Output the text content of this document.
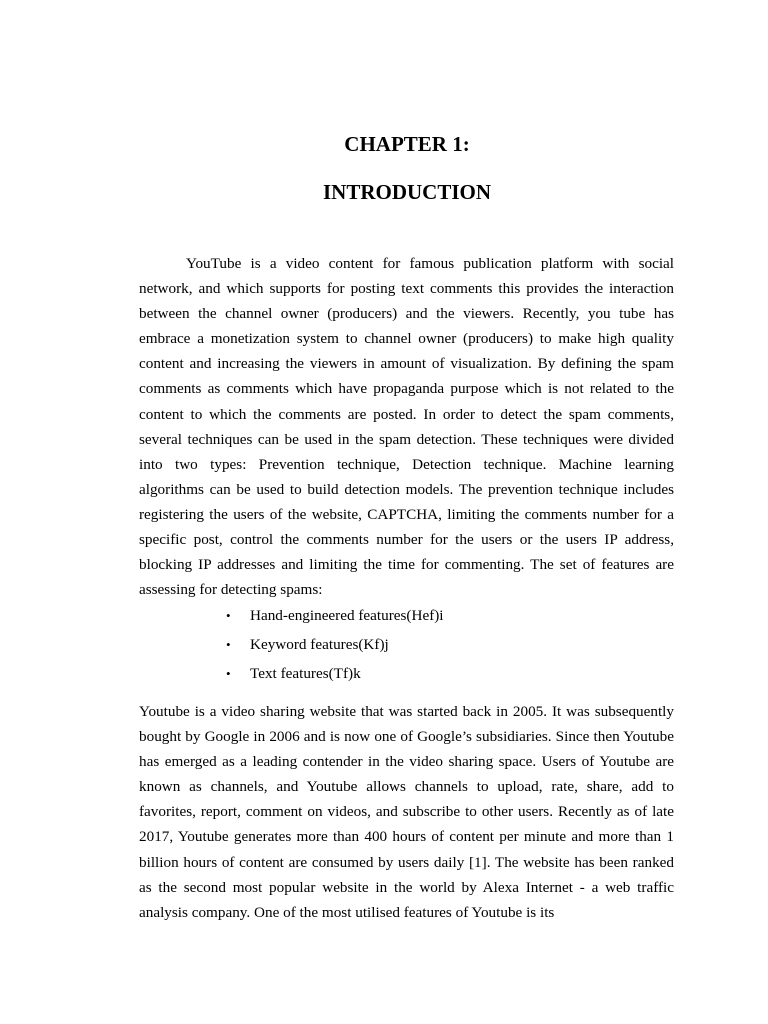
CHAPTER 1:
INTRODUCTION

YouTube is a video content for famous publication platform with social network, and which supports for posting text comments this provides the interaction between the channel owner (producers) and the viewers. Recently, you tube has embrace a monetization system to channel owner (producers) to make high quality content and increasing the viewers in amount of visualization. By defining the spam comments as comments which have propaganda purpose which is not related to the content to which the comments are posted. In order to detect the spam comments, several techniques can be used in the spam detection. These techniques were divided into two types: Prevention technique, Detection technique. Machine learning algorithms can be used to build detection models. The prevention technique includes registering the users of the website, CAPTCHA, limiting the comments number for a specific post, control the comments number for the users or the users IP address, blocking IP addresses and limiting the time for commenting. The set of features are assessing for detecting spams:

• Hand-engineered features(Hef)i
• Keyword features(Kf)j
• Text features(Tf)k

Youtube is a video sharing website that was started back in 2005. It was subsequently bought by Google in 2006 and is now one of Google’s subsidiaries. Since then Youtube has emerged as a leading contender in the video sharing space. Users of Youtube are known as channels, and Youtube allows channels to upload, rate, share, add to favorites, report, comment on videos, and subscribe to other users. Recently as of late 2017, Youtube generates more than 400 hours of content per minute and more than 1 billion hours of content are consumed by users daily [1]. The website has been ranked as the second most popular website in the world by Alexa Internet - a web traffic analysis company. One of the most utilised features of Youtube is its
